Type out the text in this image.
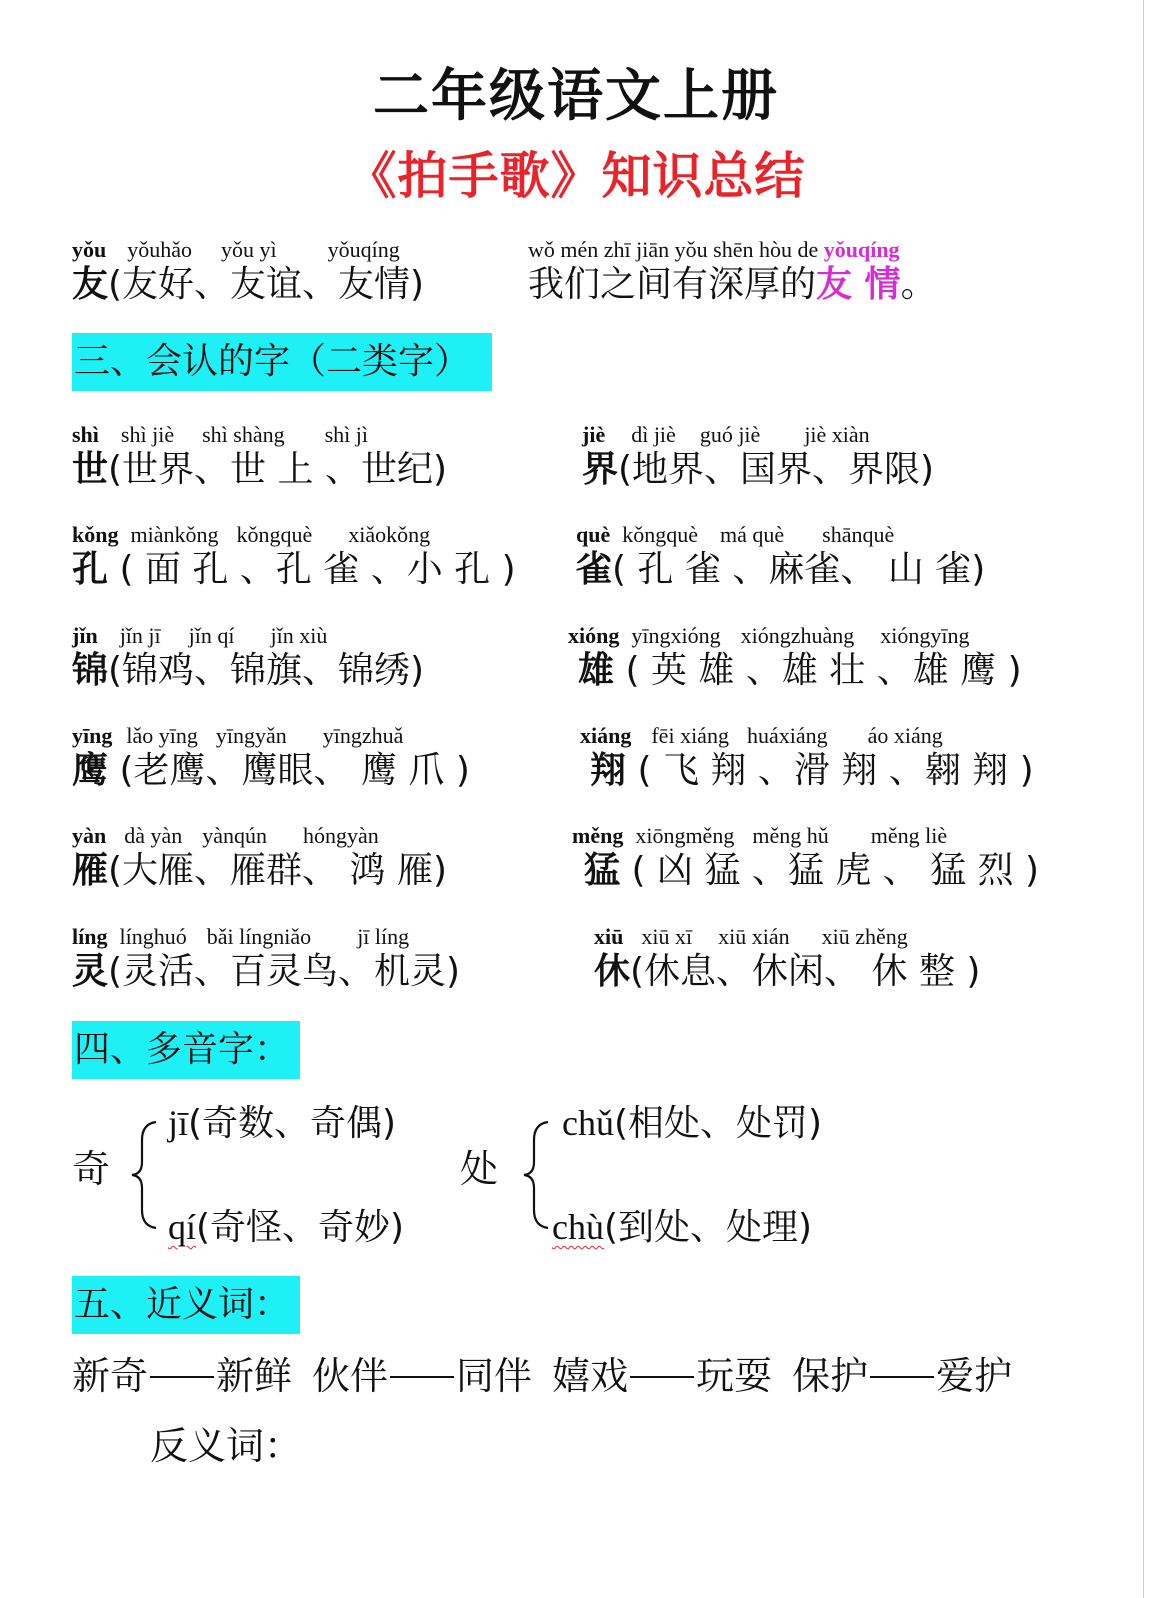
二年级语文上册
《拍手歌》知识总结
yǒu yǒuhǎo yǒu yì yǒuqíng
友(友好、友谊、友情)
wǒ mén zhī jiān yǒu shēn hòu de yǒuqíng
我们之间有深厚的友 情。
三、会认的字（二类字）
shì shì jiè shì shàng shì jì
世(世界、世 上 、世纪)
jiè dì jiè guó jiè jiè xiàn
界(地界、国界、界限)
kǒng miànkǒng kǒngquè xiǎokǒng
孔 ( 面 孔 、孔 雀 、小 孔 )
què kǒngquè má què shānquè
雀( 孔 雀 、麻雀、 山 雀)
jǐn jǐn jī jǐn qí jǐn xiù
锦(锦鸡、锦旗、锦绣)
xióng yīngxióng xióngzhuàng xióngyīng
雄 ( 英 雄 、雄 壮 、雄 鹰 )
yīng lǎo yīng yīngyǎn yīngzhuǎ
鹰 (老鹰、鹰眼、 鹰 爪 )
xiáng fēi xiáng huáxiáng áo xiáng
翔 ( 飞 翔 、滑 翔 、翱 翔 )
yàn dà yàn yànqún hóngyàn
雁(大雁、雁群、 鸿 雁)
měng xiōngměng měng hǔ měng liè
猛 ( 凶 猛 、猛 虎 、 猛 烈 )
líng línghuó bǎi língniǎo jī líng
灵(灵活、百灵鸟、机灵)
xiū xiū xī xiū xián xiū zhěng
休(休息、休闲、 休 整 )
四、多音字：
奇
jī(奇数、奇偶)
qí(奇怪、奇妙)
处
chǔ(相处、处罚)
chù(到处、处理)
五、近义词：
新奇 新鲜 伙伴 同伴 嬉戏 玩耍 保护 爱护
反义词：
